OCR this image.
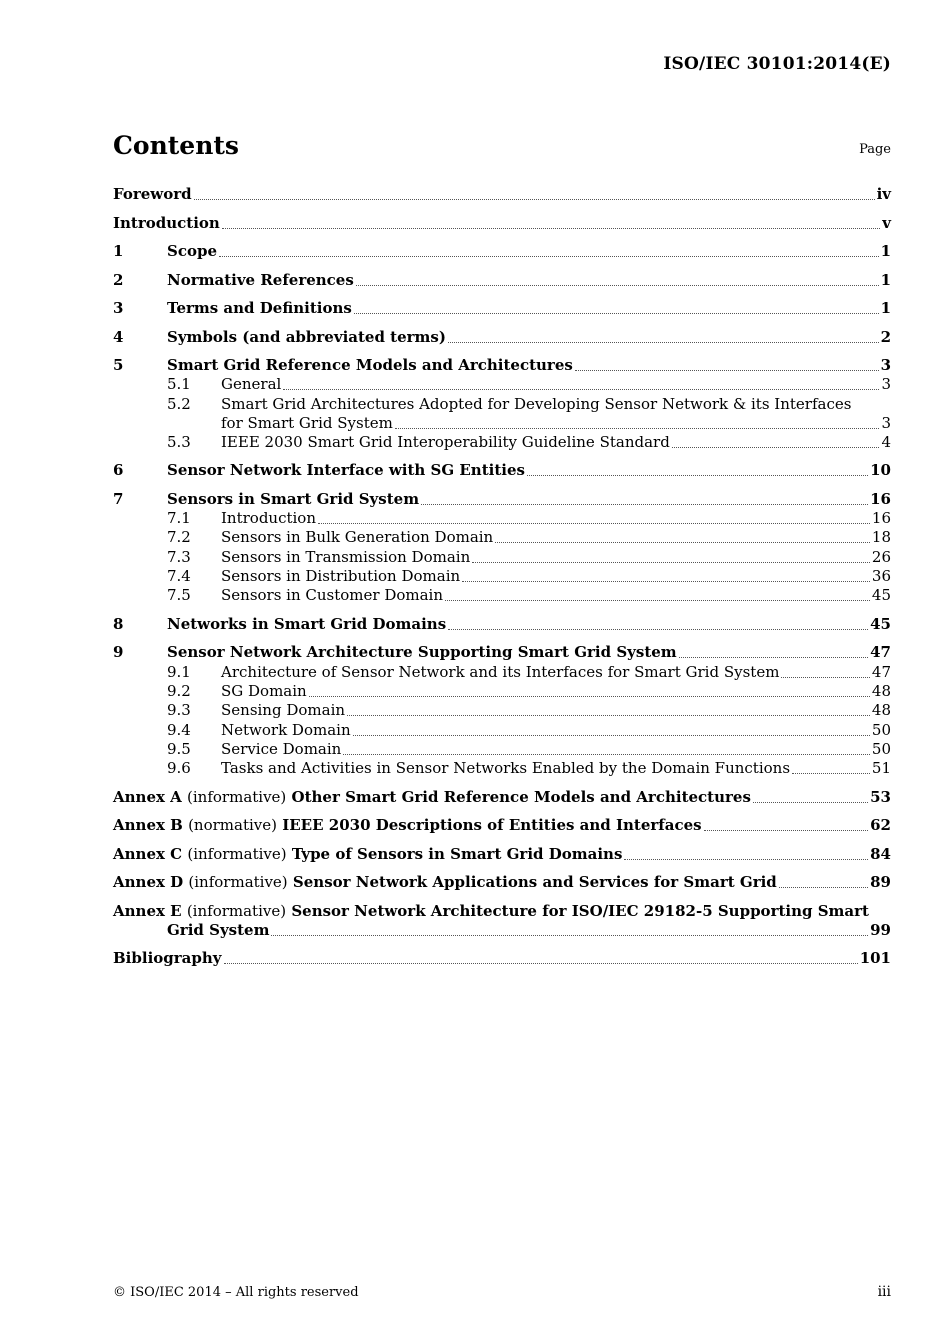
ISO/IEC 30101:2014(E)
Contents	Page
Foreword	iv
Introduction	v
1	Scope	1
2	Normative References	1
3	Terms and Definitions	1
4	Symbols (and abbreviated terms)	2
5	Smart Grid Reference Models and Architectures	3
5.1	General	3
5.2	Smart Grid Architectures Adopted for Developing Sensor Network & its Interfaces
for Smart Grid System	3
5.3	IEEE 2030 Smart Grid Interoperability Guideline Standard	4
6	Sensor Network Interface with SG Entities	10
7	Sensors in Smart Grid System	16
7.1	Introduction	16
7.2	Sensors in Bulk Generation Domain	18
7.3	Sensors in Transmission Domain	26
7.4	Sensors in Distribution Domain	36
7.5	Sensors in Customer Domain	45
8	Networks in Smart Grid Domains	45
9	Sensor Network Architecture Supporting Smart Grid System	47
9.1	Architecture of Sensor Network and its Interfaces for Smart Grid System	47
9.2	SG Domain	48
9.3	Sensing Domain	48
9.4	Network Domain	50
9.5	Service Domain	50
9.6	Tasks and Activities in Sensor Networks Enabled by the Domain Functions	51
Annex A (informative) Other Smart Grid Reference Models and Architectures	53
Annex B (normative) IEEE 2030 Descriptions of Entities and Interfaces	62
Annex C (informative) Type of Sensors in Smart Grid Domains	84
Annex D (informative) Sensor Network Applications and Services for Smart Grid	89
Annex E (informative) Sensor Network Architecture for ISO/IEC 29182-5 Supporting Smart
Grid System	99
Bibliography	101
© ISO/IEC 2014 – All rights reserved	iii
